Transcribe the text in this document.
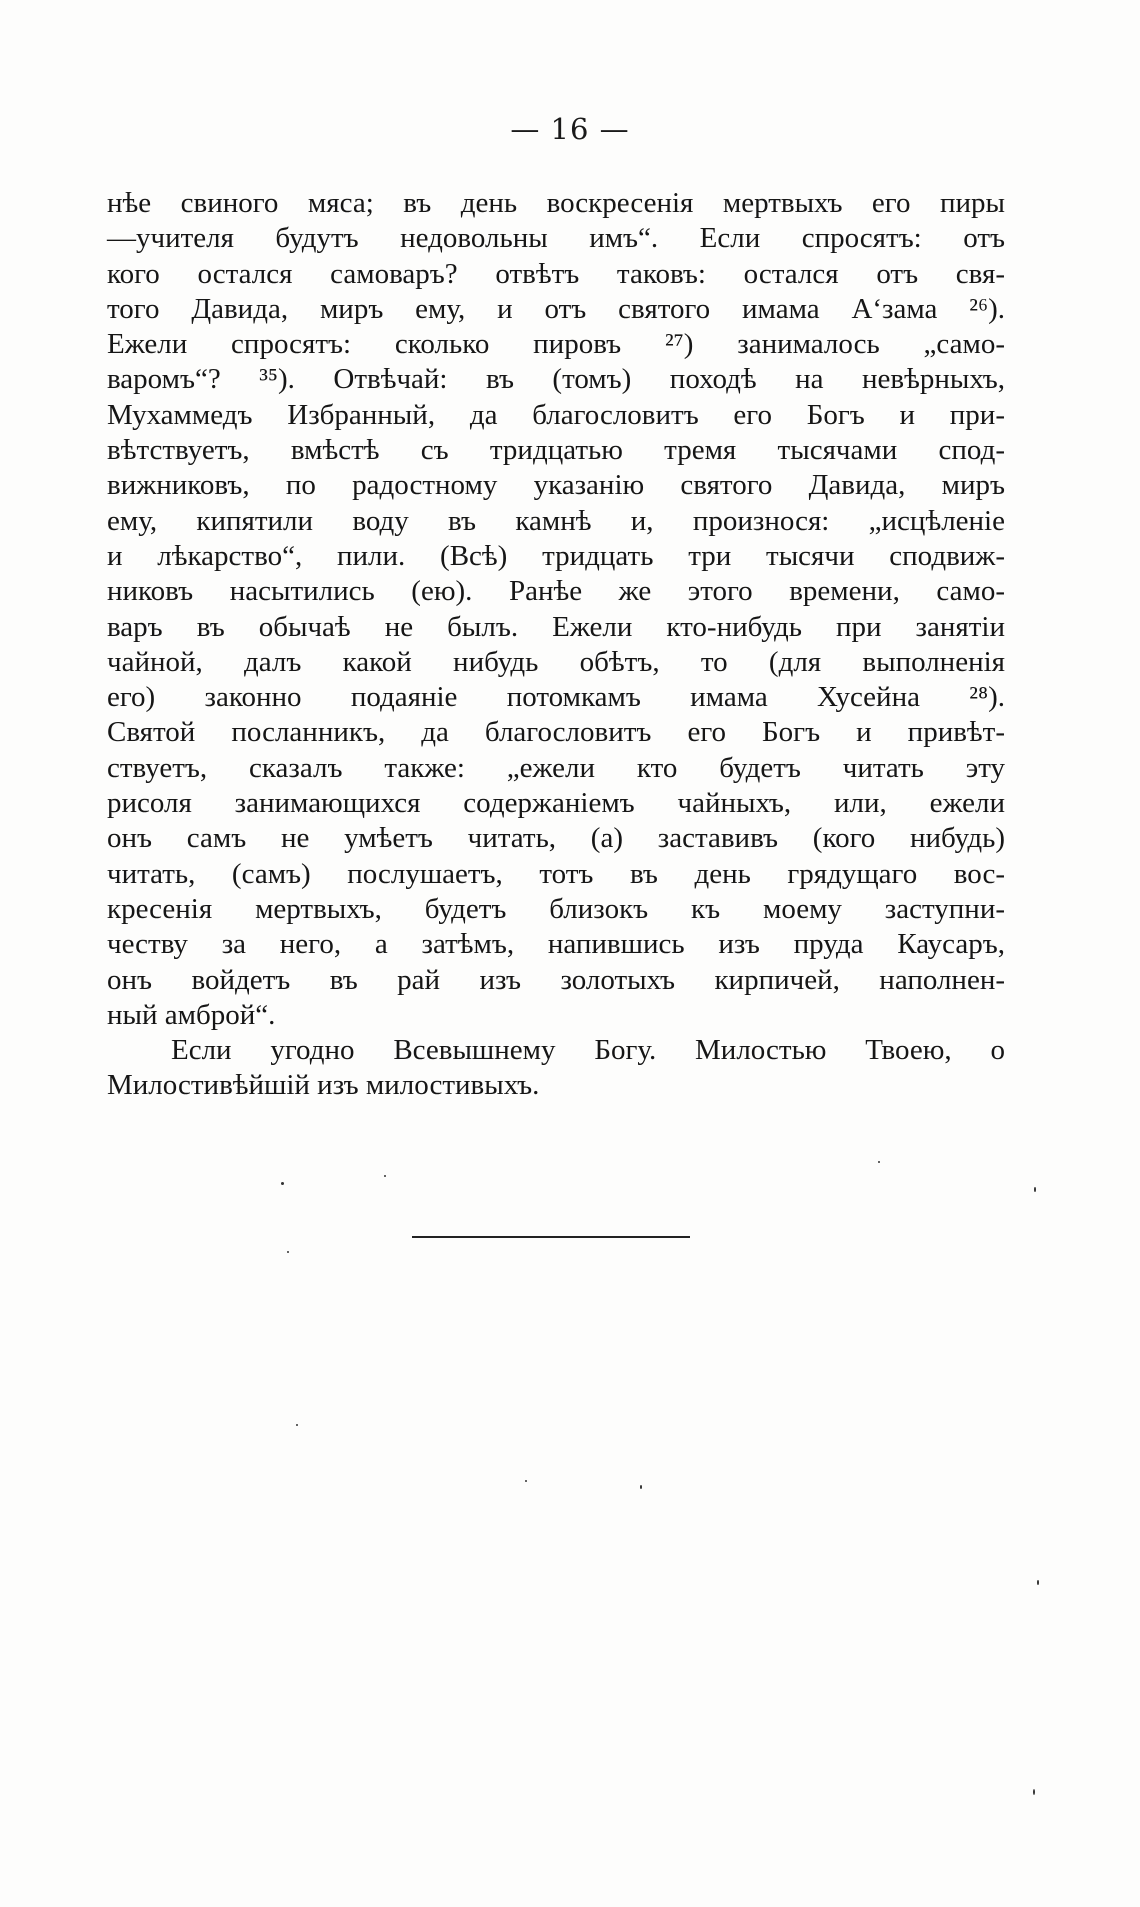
— 16 —
нѣе свиного мяса; въ день воскресенія мертвыхъ его пиры
—учителя будутъ недовольны имъ“. Если спросятъ: отъ
кого остался самоваръ? отвѣтъ таковъ: остался отъ свя-
того Давида, миръ ему, и отъ святого имама А‘зама ²⁶).
Ежели спросятъ: сколько пировъ ²⁷) занималось „само-
варомъ“? ³⁵). Отвѣчай: въ (томъ) походѣ на невѣрныхъ,
Мухаммедъ Избранный, да благословитъ его Богъ и при-
вѣтствуетъ, вмѣстѣ съ тридцатью тремя тысячами спод-
вижниковъ, по радостному указанію святого Давида, миръ
ему, кипятили воду въ камнѣ и, произнося: „исцѣленіе
и лѣкарство“, пили. (Всѣ) тридцать три тысячи сподвиж-
никовъ насытились (ею). Ранѣе же этого времени, само-
варъ въ обычаѣ не былъ. Ежели кто-нибудь при занятіи
чайной, далъ какой нибудь обѣтъ, то (для выполненія
его) законно подаяніе потомкамъ имама Хусейна ²⁸).
Святой посланникъ, да благословитъ его Богъ и привѣт-
ствуетъ, сказалъ также: „ежели кто будетъ читать эту
рисоля занимающихся содержаніемъ чайныхъ, или, ежели
онъ самъ не умѣетъ читать, (а) заставивъ (кого нибудь)
читать, (самъ) послушаетъ, тотъ въ день грядущаго вос-
кресенія мертвыхъ, будетъ близокъ къ моему заступни-
честву за него, а затѣмъ, напившись изъ пруда Каусаръ,
онъ войдетъ въ рай изъ золотыхъ кирпичей, наполнен-
ный амброй“.
Если угодно Всевышнему Богу. Милостью Твоею, о
Милостивѣйшій изъ милостивыхъ.
